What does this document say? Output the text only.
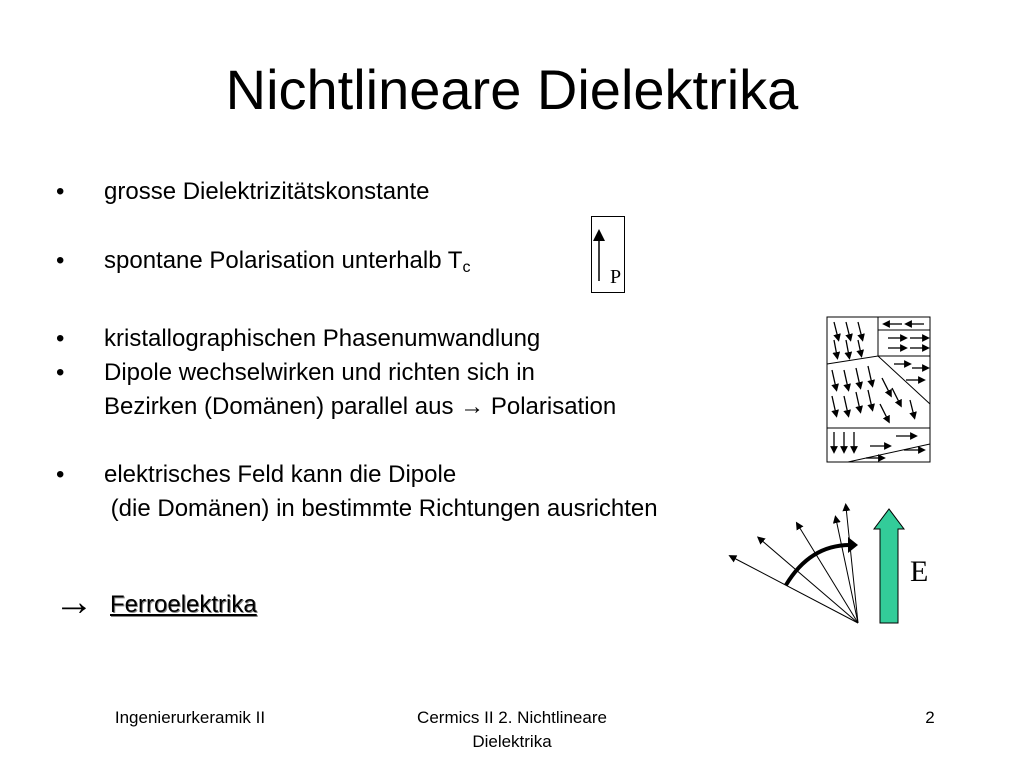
Nichtlineare Dielektrika
• grosse Dielektrizitätskonstante
• spontane Polarisation unterhalb $T_c$
• kristallographischen Phasenumwandlung
• Dipole wechselwirken und richten sich in
Bezirken (Domänen) parallel aus → Polarisation
• elektrisches Feld kann die Dipole
(die Domänen) in bestimmte Richtungen ausrichten
→ Ferroelektrika
P
E
Ingenierurkeramik II	Cermics II 2. Nichtlineare
Dielektrika
2
